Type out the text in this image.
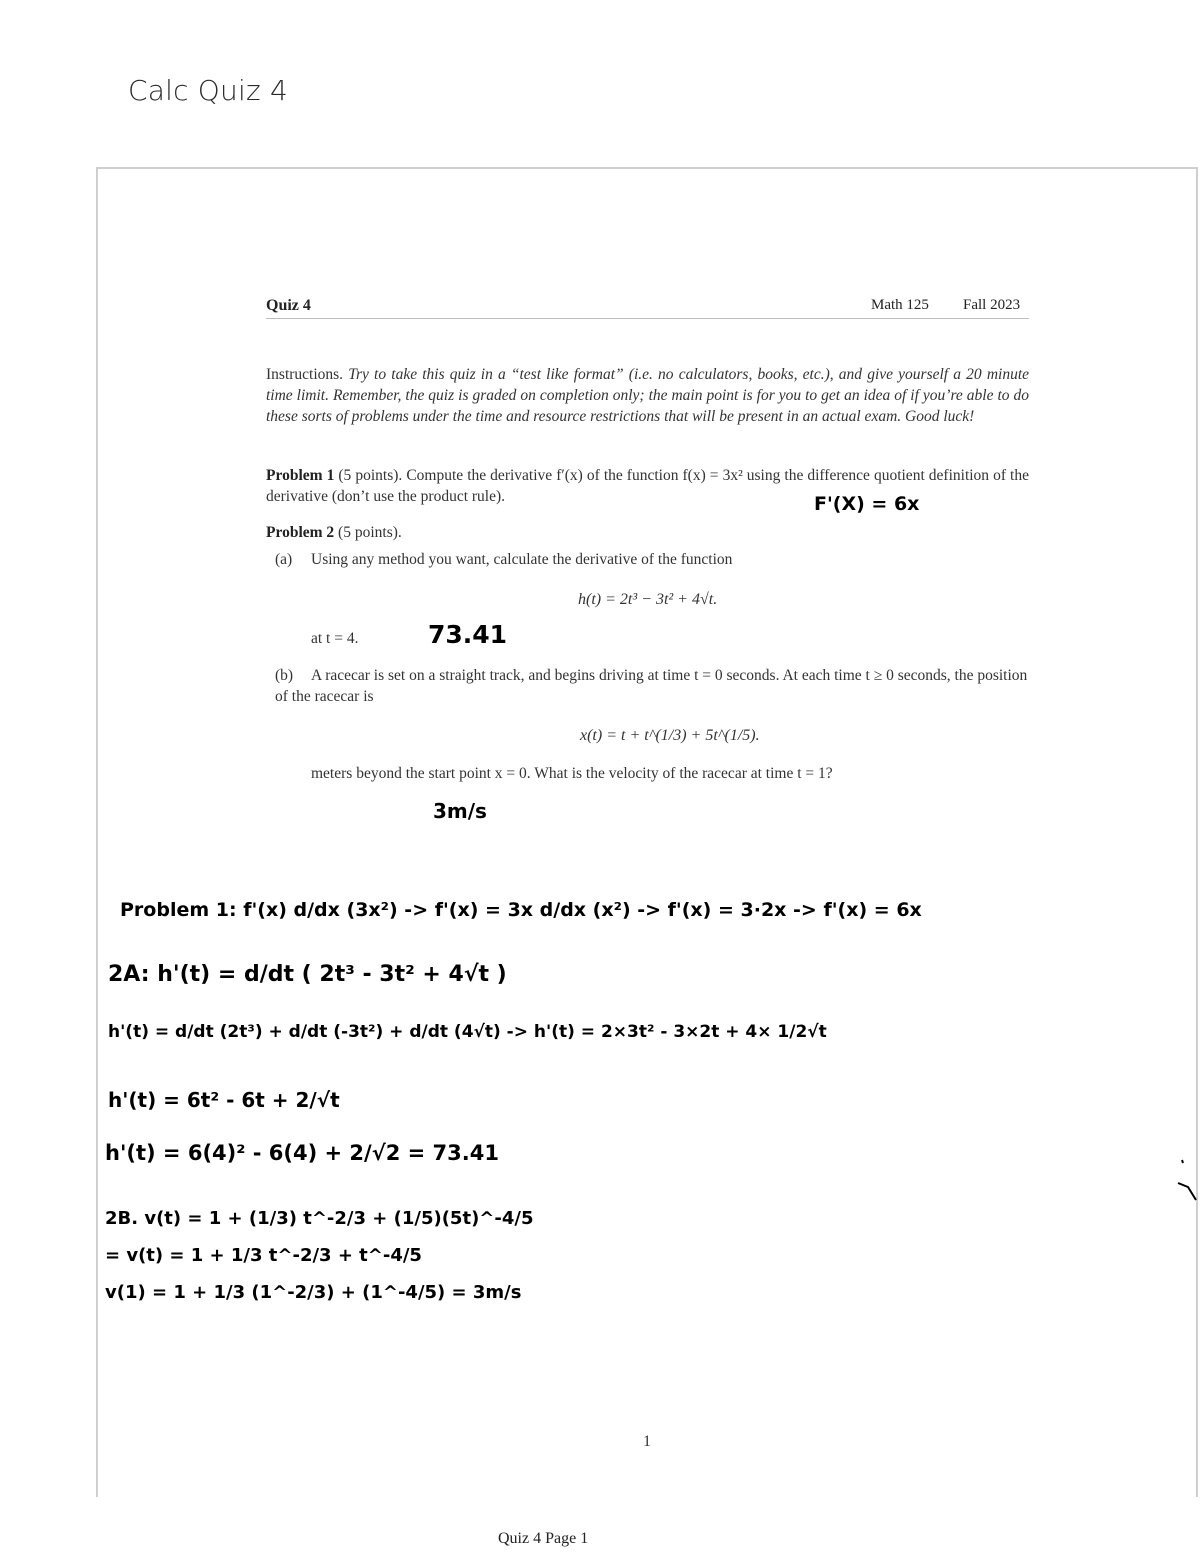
Calc Quiz 4
Quiz 4	Math 125 Fall 2023
Instructions. Try to take this quiz in a “test like format” (i.e. no calculators, books, etc.), and give yourself a 20 minute time limit. Remember, the quiz is graded on completion only; the main point is for you to get an idea of if you’re able to do these sorts of problems under the time and resource restrictions that will be present in an actual exam. Good luck!
Problem 1 (5 points). Compute the derivative f′(x) of the function f(x) = 3x² using the difference quotient definition of the derivative (don’t use the product rule).
Problem 2 (5 points).
(a) Using any method you want, calculate the derivative of the function
h(t) = 2t³ − 3t² + 4√t.
at t = 4.
(b) A racecar is set on a straight track, and begins driving at time t = 0 seconds. At each time t ≥ 0 seconds, the position of the racecar is
x(t) = t + t^(1/3) + 5t^(1/5).
meters beyond the start point x = 0. What is the velocity of the racecar at time t = 1?
F'(X) = 6x
73.41
3m/s
Problem 1: f'(x) d/dx (3x²) -> f'(x) = 3x d/dx (x²) -> f'(x) = 3·2x -> f'(x) = 6x
2A: h'(t) = d/dt ( 2t³ - 3t² + 4√t )
h'(t) = d/dt (2t³) + d/dt (-3t²) + d/dt (4√t) -> h'(t) = 2×3t² - 3×2t + 4× 1/2√t
h'(t) = 6t² - 6t + 2/√t
h'(t) = 6(4)² - 6(4) + 2/√2 = 73.41
2B. v(t) = 1 + (1/3) t^-2/3 + (1/5)(5t)^-4/5
= v(t) = 1 + 1/3 t^-2/3 + t^-4/5
v(1) = 1 + 1/3 (1^-2/3) + (1^-4/5) = 3m/s
1
Quiz 4 Page 1
